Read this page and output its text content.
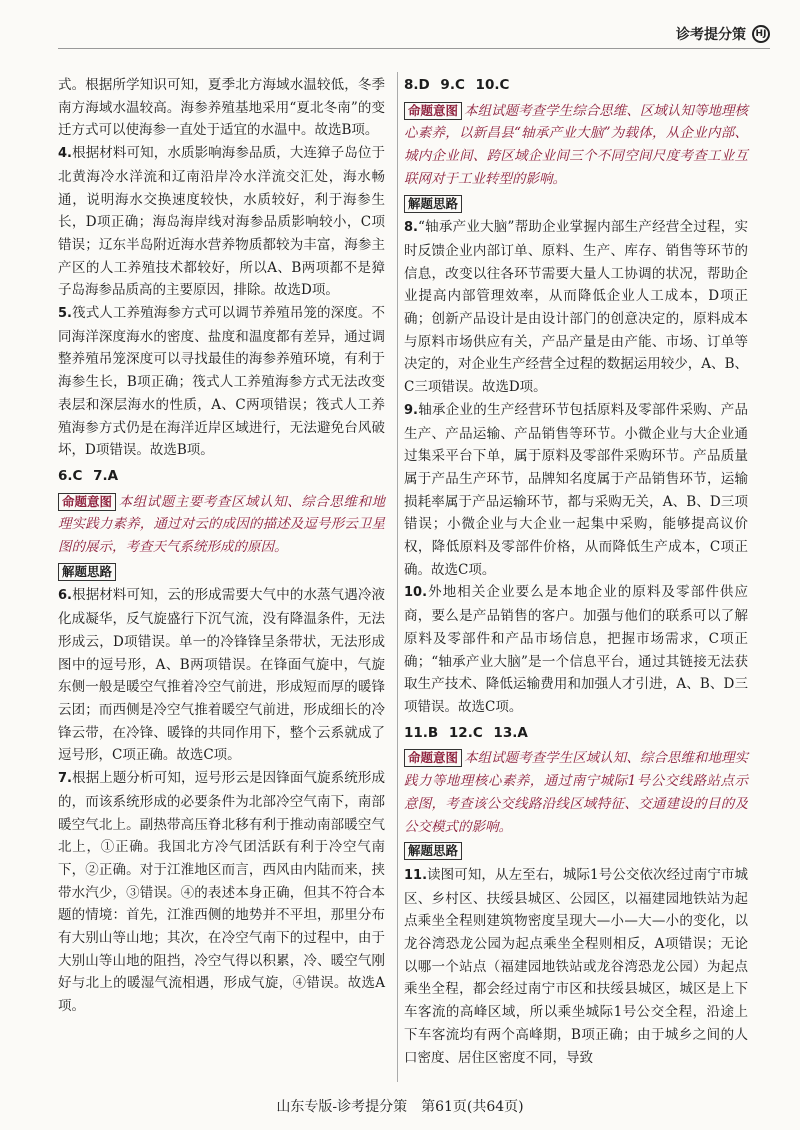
诊考提分策	HJ

式。根据所学知识可知，夏季北方海域水温较低，冬季南方海域水温较高。海参养殖基地采用“夏北冬南”的变迁方式可以使海参一直处于适宜的水温中。故选B项。

4.根据材料可知，水质影响海参品质，大连獐子岛位于北黄海冷水洋流和辽南沿岸冷水洋流交汇处，海水畅通，说明海水交换速度较快，水质较好，利于海参生长，D项正确；海岛海岸线对海参品质影响较小，C项错误；辽东半岛附近海水营养物质都较为丰富，海参主产区的人工养殖技术都较好，所以A、B两项都不是獐子岛海参品质高的主要原因，排除。故选D项。

5.筏式人工养殖海参方式可以调节养殖吊笼的深度。不同海洋深度海水的密度、盐度和温度都有差异，通过调整养殖吊笼深度可以寻找最佳的海参养殖环境，有利于海参生长，B项正确；筏式人工养殖海参方式无法改变表层和深层海水的性质，A、C两项错误；筏式人工养殖海参方式仍是在海洋近岸区域进行，无法避免台风破坏，D项错误。故选B项。

6.C 7.A

命题意图 本组试题主要考查区域认知、综合思维和地理实践力素养，通过对云的成因的描述及逗号形云卫星图的展示，考查天气系统形成的原因。

解题思路

6.根据材料可知，云的形成需要大气中的水蒸气遇冷液化成凝华，反气旋盛行下沉气流，没有降温条件，无法形成云，D项错误。单一的冷锋锋呈条带状，无法形成图中的逗号形，A、B两项错误。在锋面气旋中，气旋东侧一般是暖空气推着冷空气前进，形成短而厚的暖锋云团；而西侧是冷空气推着暖空气前进，形成细长的冷锋云带，在冷锋、暖锋的共同作用下，整个云系就成了逗号形，C项正确。故选C项。

7.根据上题分析可知，逗号形云是因锋面气旋系统形成的，而该系统形成的必要条件为北部冷空气南下，南部暖空气北上。副热带高压脊北移有利于推动南部暖空气北上，①正确。我国北方冷气团活跃有利于冷空气南下，②正确。对于江淮地区而言，西风由内陆而来，挟带水汽少，③错误。④的表述本身正确，但其不符合本题的情境：首先，江淮西侧的地势并不平坦，那里分布有大别山等山地；其次，在冷空气南下的过程中，由于大别山等山地的阻挡，冷空气得以积累，冷、暖空气刚好与北上的暖湿气流相遇，形成气旋，④错误。故选A项。

8.D 9.C 10.C

命题意图 本组试题考查学生综合思维、区域认知等地理核心素养，以新昌县“轴承产业大脑”为载体，从企业内部、城内企业间、跨区域企业间三个不同空间尺度考查工业互联网对于工业转型的影响。

解题思路

8.“轴承产业大脑”帮助企业掌握内部生产经营全过程，实时反馈企业内部订单、原料、生产、库存、销售等环节的信息，改变以往各环节需要大量人工协调的状况，帮助企业提高内部管理效率，从而降低企业人工成本，D项正确；创新产品设计是由设计部门的创意决定的，原料成本与原料市场供应有关，产品产量是由产能、市场、订单等决定的，对企业生产经营全过程的数据运用较少，A、B、C三项错误。故选D项。

9.轴承企业的生产经营环节包括原料及零部件采购、产品生产、产品运输、产品销售等环节。小微企业与大企业通过集采平台下单，属于原料及零部件采购环节。产品质量属于产品生产环节，品牌知名度属于产品销售环节，运输损耗率属于产品运输环节，都与采购无关，A、B、D三项错误；小微企业与大企业一起集中采购，能够提高议价权，降低原料及零部件价格，从而降低生产成本，C项正确。故选C项。

10.外地相关企业要么是本地企业的原料及零部件供应商，要么是产品销售的客户。加强与他们的联系可以了解原料及零部件和产品市场信息，把握市场需求，C项正确；“轴承产业大脑”是一个信息平台，通过其链接无法获取生产技术、降低运输费用和加强人才引进，A、B、D三项错误。故选C项。

11.B 12.C 13.A

命题意图 本组试题考查学生区域认知、综合思维和地理实践力等地理核心素养，通过南宁城际1号公交线路站点示意图，考查该公交线路沿线区域特征、交通建设的目的及公交模式的影响。

解题思路

11.读图可知，从左至右，城际1号公交依次经过南宁市城区、乡村区、扶绥县城区、公园区，以福建园地铁站为起点乘坐全程则建筑物密度呈现大—小—大—小的变化，以龙谷湾恐龙公园为起点乘坐全程则相反，A项错误；无论以哪一个站点（福建园地铁站或龙谷湾恐龙公园）为起点乘坐全程，都会经过南宁市区和扶绥县城区，城区是上下车客流的高峰区域，所以乘坐城际1号公交全程，沿途上下车客流均有两个高峰期，B项正确；由于城乡之间的人口密度、居住区密度不同，导致

山东专版-诊考提分策　第61页(共64页)
